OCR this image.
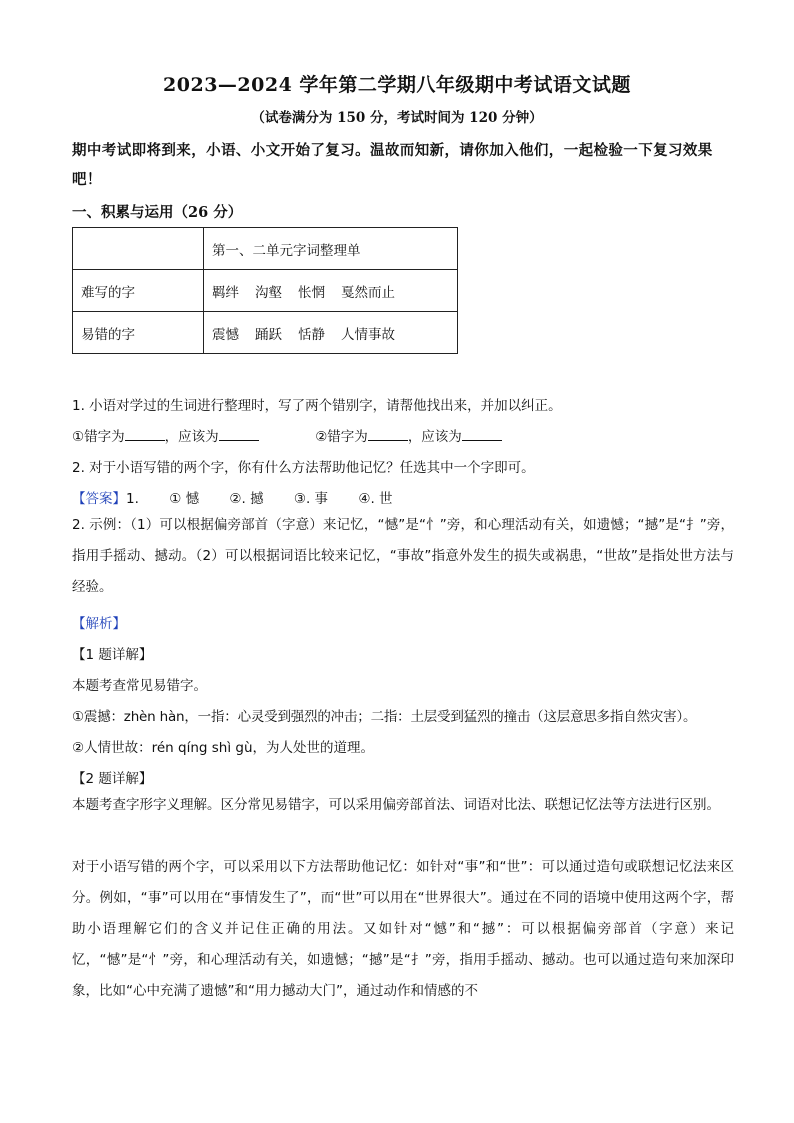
2023—2024 学年第二学期八年级期中考试语文试题
（试卷满分为 150 分，考试时间为 120 分钟）
期中考试即将到来，小语、小文开始了复习。温故而知新，请你加入他们，一起检验一下复习效果吧！
一、积累与运用（26 分）
	第一、二单元字词整理单
难写的字	羁绊 沟壑 怅惘 戛然而止
易错的字	震憾 踊跃 恬静 人情事故
1. 小语对学过的生词进行整理时，写了两个错别字，请帮他找出来，并加以纠正。
①错字为	，应该为	②错字为	，应该为
2. 对于小语写错的两个字，你有什么方法帮助他记忆？任选其中一个字即可。
【答案】1. ① 憾 ②. 撼 ③. 事 ④. 世
2. 示例：（1）可以根据偏旁部首（字意）来记忆，“憾”是“忄”旁，和心理活动有关，如遗憾；“撼”是“扌”旁，指用手摇动、撼动。（2）可以根据词语比较来记忆，“事故”指意外发生的损失或祸患，“世故”是指处世方法与经验。
【解析】
【1 题详解】
本题考查常见易错字。
①震撼：zhèn hàn，一指：心灵受到强烈的冲击；二指：土层受到猛烈的撞击（这层意思多指自然灾害）。
②人情世故：rén qíng shì gù，为人处世的道理。
【2 题详解】
本题考查字形字义理解。区分常见易错字，可以采用偏旁部首法、词语对比法、联想记忆法等方法进行区别。
对于小语写错的两个字，可以采用以下方法帮助他记忆：如针对“事”和“世”：可以通过造句或联想记忆法来区分。例如，“事”可以用在“事情发生了”，而“世”可以用在“世界很大”。通过在不同的语境中使用这两个字，帮助小语理解它们的含义并记住正确的用法。又如针对“憾”和“撼”：可以根据偏旁部首（字意）来记忆，“憾”是“忄”旁，和心理活动有关，如遗憾；“撼”是“扌”旁，指用手摇动、撼动。也可以通过造句来加深印象，比如“心中充满了遗憾”和“用力撼动大门”，通过动作和情感的不
